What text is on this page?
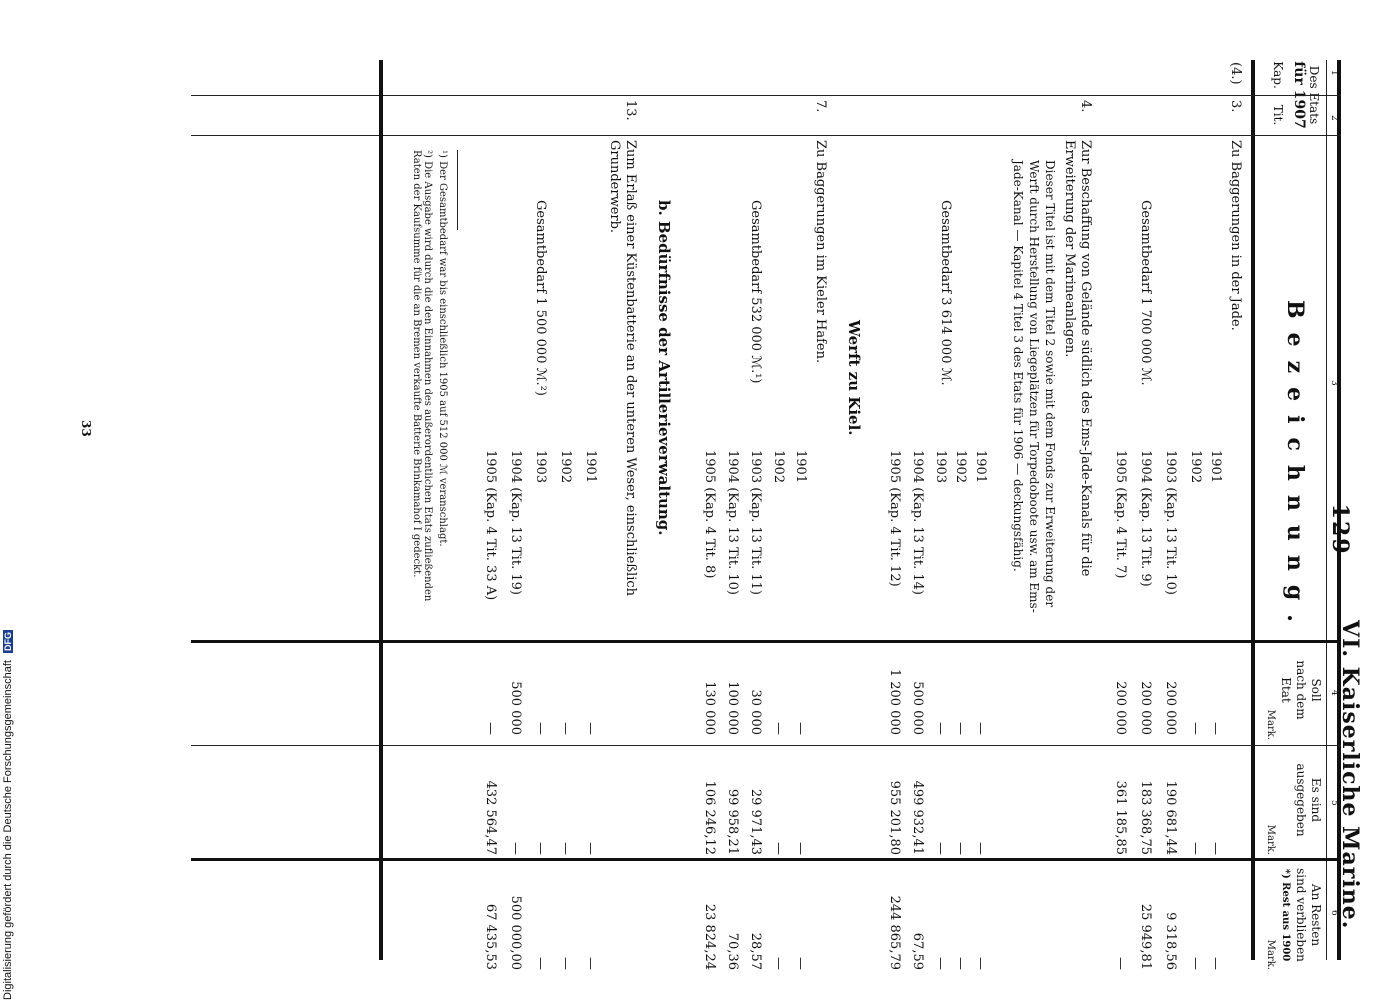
— 129 —
VI. Kaiserliche Marine.
1
2
3
4
5
6
Des Etats
für 1907
Kap.
Tit.
Bezeichnung.
Soll
nach dem
Etat
Mark.
Es sind
ausgegeben
Mark.
An Resten
sind verblieben
*) Rest aus 1900
Mark.
(4.)
3.
Zu Baggerungen in der Jade.
Gesamtbedarf 1 700 000 ℳ.
1901
—
—
—
1902
—
—
—
1903 (Kap. 13 Tit. 10)
200 000
190 681,44
9 318,56
1904 (Kap. 13 Tit. 9)
200 000
183 368,75
25 949,81
1905 (Kap. 4 Tit. 7)
200 000
361 185,85
—
4.
Zur Beschaffung von Gelände südlich des Ems-Jade-Kanals für die Erweiterung der Marineanlagen.
Dieser Titel ist mit dem Titel 2 sowie mit dem Fonds zur Erweiterung der Werft durch Herstellung von Liegeplätzen für Torpedoboote usw. am Ems-Jade-Kanal — Kapitel 4 Titel 3 des Etats für 1906 — deckungsfähig.
Gesamtbedarf 3 614 000 ℳ.
1901
—
—
—
1902
—
—
—
1903
—
—
—
1904 (Kap. 13 Tit. 14)
500 000
499 932,41
67,59
1905 (Kap. 4 Tit. 12)
1 200 000
955 201,80
244 865,79
Werft zu Kiel.
7.
Zu Baggerungen im Kieler Hafen.
Gesamtbedarf 532 000 ℳ.¹)
1901
—
—
—
1902
—
—
—
1903 (Kap. 13 Tit. 11)
30 000
29 971,43
28,57
1904 (Kap. 13 Tit. 10)
100 000
99 958,21
70,36
1905 (Kap. 4 Tit. 8)
130 000
106 246,12
23 824,24
b. Bedürfnisse der Artillerieverwaltung.
13.
Zum Erlaß einer Küstenbatterie an der unteren Weser, einschließlich Grunderwerb.
Gesamtbedarf 1 500 000 ℳ.²)
1901
—
—
—
1902
—
—
—
1903
—
—
—
1904 (Kap. 13 Tit. 19)
500 000
—
500 000,00
1905 (Kap. 4 Tit. 33 A)
—
432 564,47
67 435,53
¹) Der Gesamtbedarf war bis einschließlich 1905 auf 512 000 ℳ veranschlagt.
²) Die Ausgabe wird durch die den Einnahmen des außerordentlichen Etats zufließenden Raten der Kaufsumme für die an Bremen verkaufte Batterie Brinkamahof I gedeckt.
33
Digitalisierung gefördert durch die Deutsche Forschungsgemeinschaft DFG
